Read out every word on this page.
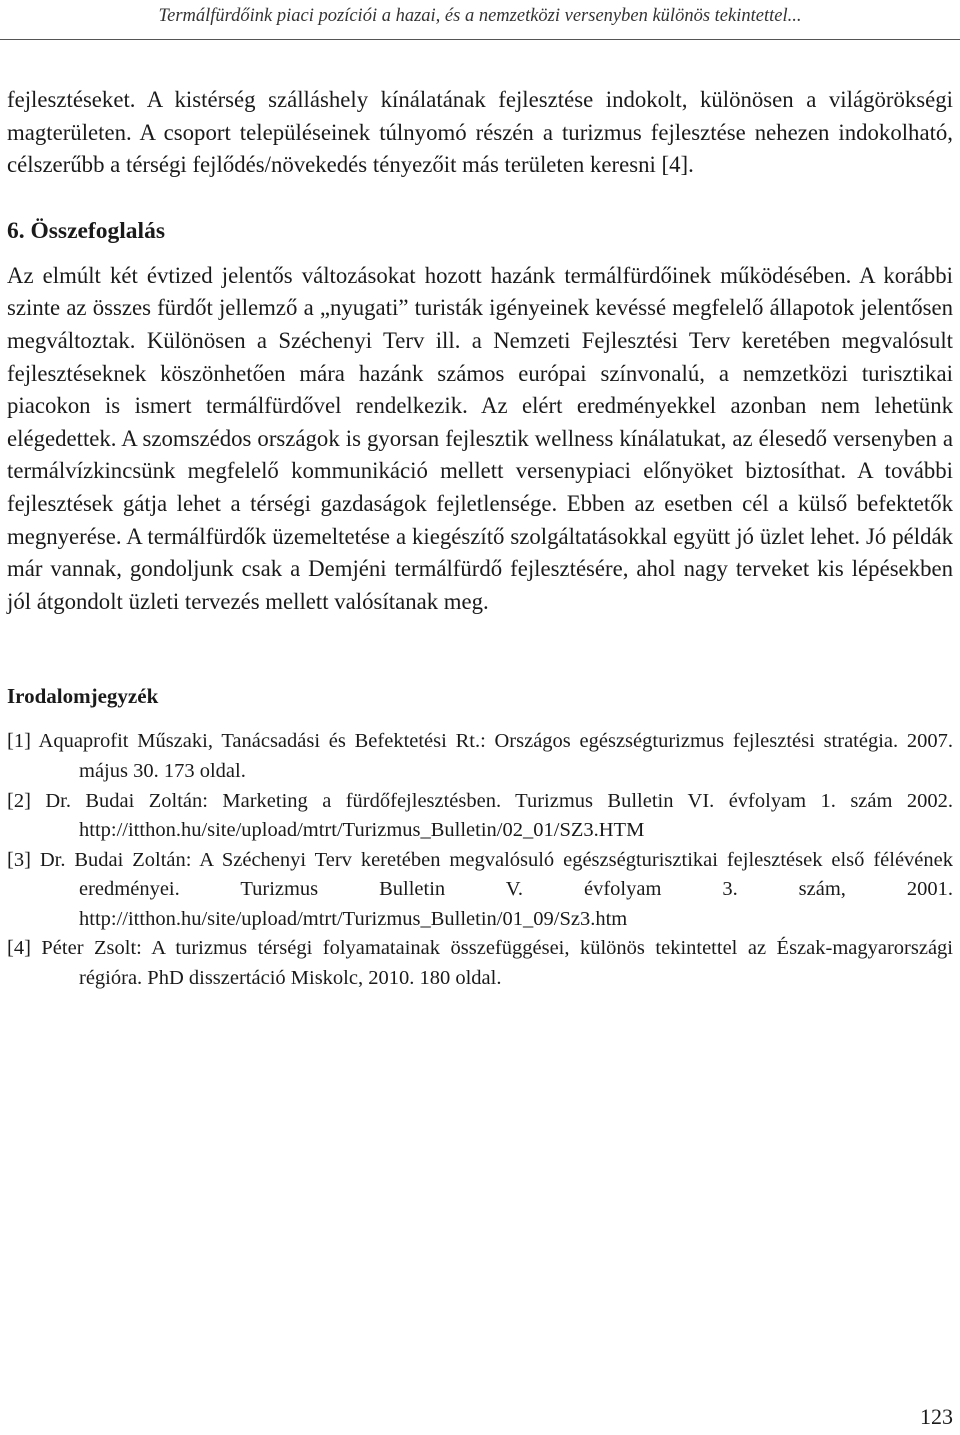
Termálfürdőink piaci pozíciói a hazai, és a nemzetközi versenyben különös tekintettel...

fejlesztéseket. A kistérség szálláshely kínálatának fejlesztése indokolt, különösen a világörökségi magterületen. A csoport településeinek túlnyomó részén a turizmus fejlesztése nehezen indokolható, célszerűbb a térségi fejlődés/növekedés tényezőit más területen keresni [4].

6. Összefoglalás

Az elmúlt két évtized jelentős változásokat hozott hazánk termálfürdőinek működésében. A korábbi szinte az összes fürdőt jellemző a „nyugati” turisták igényeinek kevéssé megfelelő állapotok jelentősen megváltoztak. Különösen a Széchenyi Terv ill. a Nemzeti Fejlesztési Terv keretében megvalósult fejlesztéseknek köszönhetően mára hazánk számos európai színvonalú, a nemzetközi turisztikai piacokon is ismert termálfürdővel rendelkezik. Az elért eredményekkel azonban nem lehetünk elégedettek. A szomszédos országok is gyorsan fejlesztik wellness kínálatukat, az élesedő versenyben a termálvízkincsünk megfelelő kommunikáció mellett versenypiaci előnyöket biztosíthat. A további fejlesztések gátja lehet a térségi gazdaságok fejletlensége. Ebben az esetben cél a külső befektetők megnyerése. A termálfürdők üzemeltetése a kiegészítő szolgáltatásokkal együtt jó üzlet lehet. Jó példák már vannak, gondoljunk csak a Demjéni termálfürdő fejlesztésére, ahol nagy terveket kis lépésekben jól átgondolt üzleti tervezés mellett valósítanak meg.

Irodalomjegyzék
[1] Aquaprofit Műszaki, Tanácsadási és Befektetési Rt.: Országos egészségturizmus fejlesztési stratégia. 2007. május 30. 173 oldal.
[2] Dr. Budai Zoltán: Marketing a fürdőfejlesztésben. Turizmus Bulletin VI. évfolyam 1. szám 2002. http://itthon.hu/site/upload/mtrt/Turizmus_Bulletin/02_01/SZ3.HTM
[3] Dr. Budai Zoltán: A Széchenyi Terv keretében megvalósuló egészségturisztikai fejlesztések első félévének eredményei. Turizmus Bulletin V. évfolyam 3. szám, 2001. http://itthon.hu/site/upload/mtrt/Turizmus_Bulletin/01_09/Sz3.htm
[4] Péter Zsolt: A turizmus térségi folyamatainak összefüggései, különös tekintettel az Észak-magyarországi régióra. PhD disszertáció Miskolc, 2010. 180 oldal.
123
